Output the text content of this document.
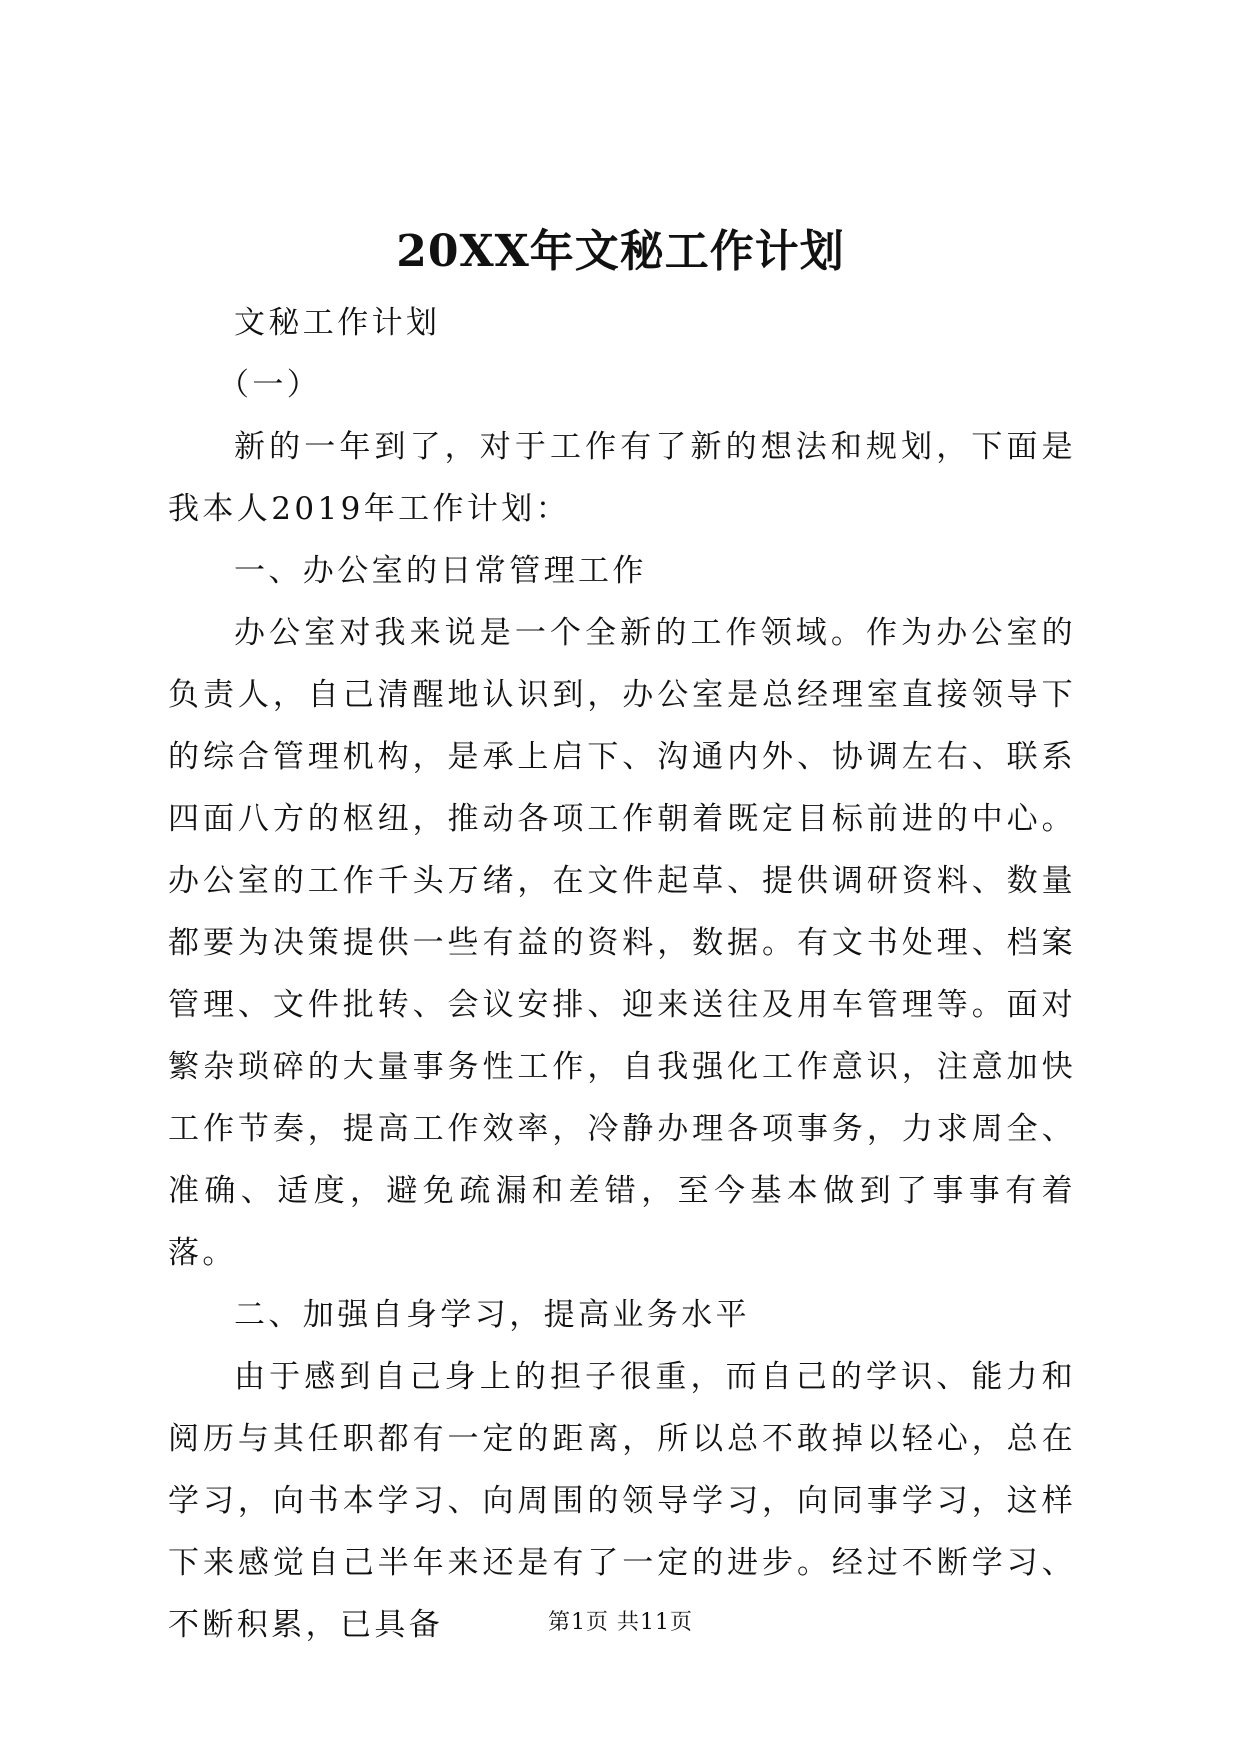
20XX年文秘工作计划

文秘工作计划

（一）

新的一年到了，对于工作有了新的想法和规划，下面是我本人2019年工作计划：

一、办公室的日常管理工作

办公室对我来说是一个全新的工作领域。作为办公室的负责人，自己清醒地认识到，办公室是总经理室直接领导下的综合管理机构，是承上启下、沟通内外、协调左右、联系四面八方的枢纽，推动各项工作朝着既定目标前进的中心。办公室的工作千头万绪，在文件起草、提供调研资料、数量都要为决策提供一些有益的资料，数据。有文书处理、档案管理、文件批转、会议安排、迎来送往及用车管理等。面对繁杂琐碎的大量事务性工作，自我强化工作意识，注意加快工作节奏，提高工作效率，冷静办理各项事务，力求周全、准确、适度，避免疏漏和差错，至今基本做到了事事有着落。

二、加强自身学习，提高业务水平

由于感到自己身上的担子很重，而自己的学识、能力和阅历与其任职都有一定的距离，所以总不敢掉以轻心，总在学习，向书本学习、向周围的领导学习，向同事学习，这样下来感觉自己半年来还是有了一定的进步。经过不断学习、不断积累，已具备	第1页 共11页
